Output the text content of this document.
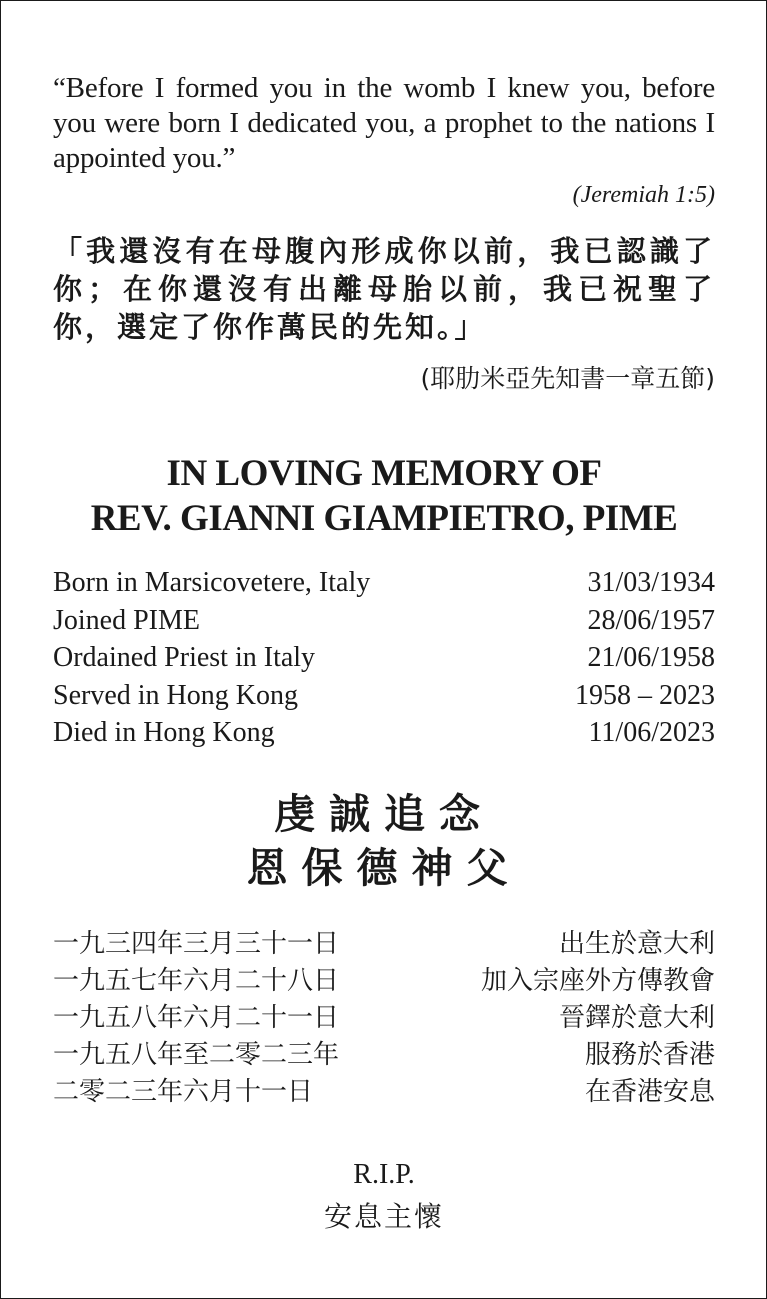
“Before I formed you in the womb I knew you, before you were born I dedicated you, a prophet to the nations I appointed you.”
(Jeremiah 1:5)
「我還沒有在母腹內形成你以前，我已認識了你；在你還沒有出離母胎以前，我已祝聖了你，選定了你作萬民的先知。」
(耶肋米亞先知書一章五節)
IN LOVING MEMORY OF
REV. GIANNI GIAMPIETRO, PIME
Born in Marsicovetere, Italy	31/03/1934
Joined PIME	28/06/1957
Ordained Priest in Italy	21/06/1958
Served in Hong Kong	1958 – 2023
Died in Hong Kong	11/06/2023
虔誠追念
恩保德神父
一九三四年三月三十一日	出生於意大利
一九五七年六月二十八日	加入宗座外方傳教會
一九五八年六月二十一日	晉鐸於意大利
一九五八年至二零二三年	服務於香港
二零二三年六月十一日	在香港安息
R.I.P.
安息主懷
